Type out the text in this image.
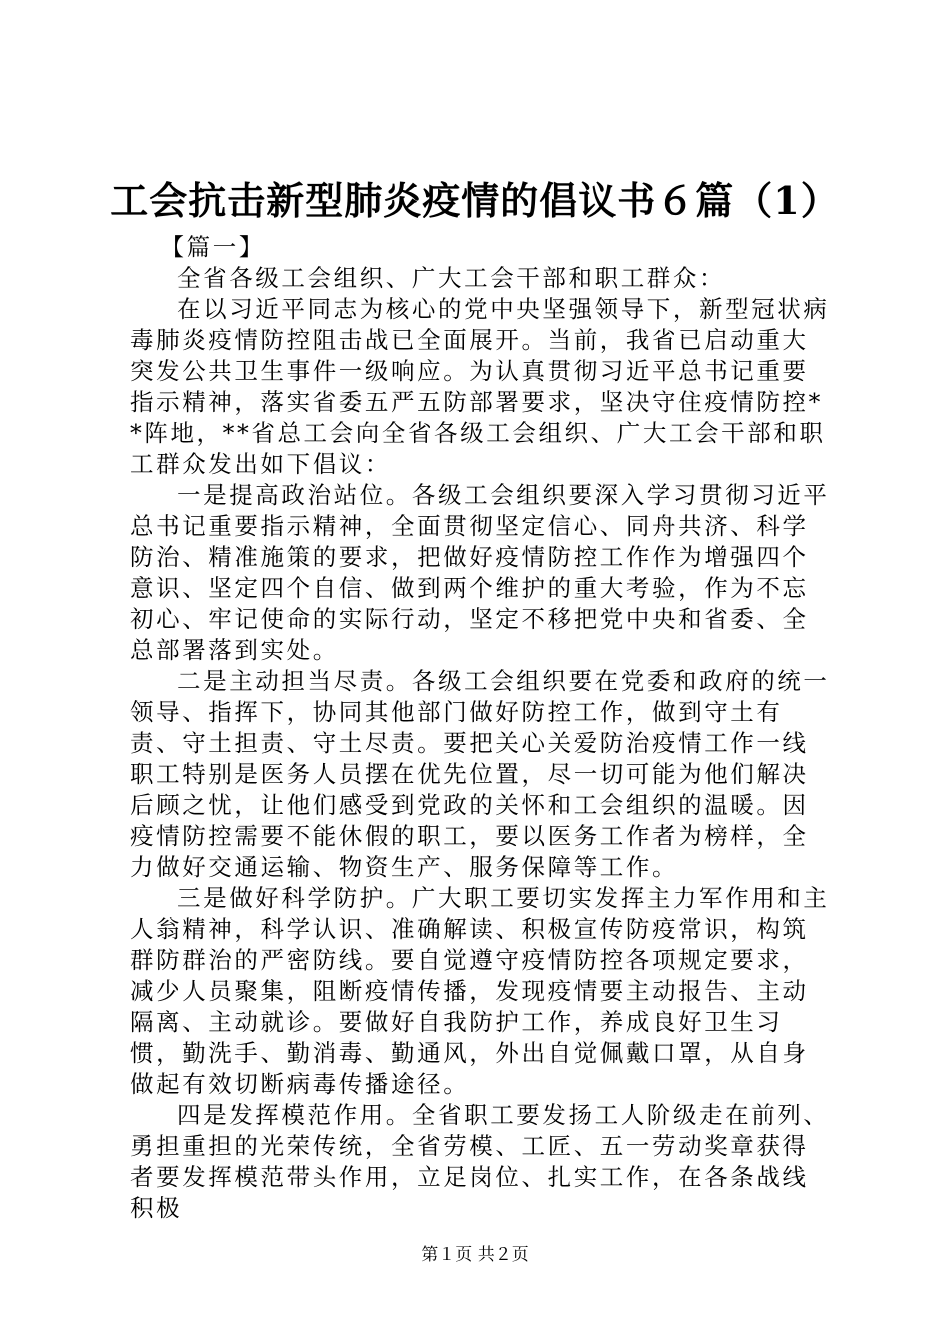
工会抗击新型肺炎疫情的倡议书６篇（1）

【篇一】

全省各级工会组织、广大工会干部和职工群众：

在以习近平同志为核心的党中央坚强领导下，新型冠状病毒肺炎疫情防控阻击战已全面展开。当前，我省已启动重大突发公共卫生事件一级响应。为认真贯彻习近平总书记重要指示精神，落实省委五严五防部署要求，坚决守住疫情防控**阵地，**省总工会向全省各级工会组织、广大工会干部和职工群众发出如下倡议：

一是提高政治站位。各级工会组织要深入学习贯彻习近平总书记重要指示精神，全面贯彻坚定信心、同舟共济、科学防治、精准施策的要求，把做好疫情防控工作作为增强四个意识、坚定四个自信、做到两个维护的重大考验，作为不忘初心、牢记使命的实际行动，坚定不移把党中央和省委、全总部署落到实处。

二是主动担当尽责。各级工会组织要在党委和政府的统一领导、指挥下，协同其他部门做好防控工作，做到守土有责、守土担责、守土尽责。要把关心关爱防治疫情工作一线职工特别是医务人员摆在优先位置，尽一切可能为他们解决后顾之忧，让他们感受到党政的关怀和工会组织的温暖。因疫情防控需要不能休假的职工，要以医务工作者为榜样，全力做好交通运输、物资生产、服务保障等工作。

三是做好科学防护。广大职工要切实发挥主力军作用和主人翁精神，科学认识、准确解读、积极宣传防疫常识，构筑群防群治的严密防线。要自觉遵守疫情防控各项规定要求，减少人员聚集，阻断疫情传播，发现疫情要主动报告、主动隔离、主动就诊。要做好自我防护工作，养成良好卫生习惯，勤洗手、勤消毒、勤通风，外出自觉佩戴口罩，从自身做起有效切断病毒传播途径。

四是发挥模范作用。全省职工要发扬工人阶级走在前列、勇担重担的光荣传统，全省劳模、工匠、五一劳动奖章获得者要发挥模范带头作用，立足岗位、扎实工作，在各条战线积极

第１页 共２页
